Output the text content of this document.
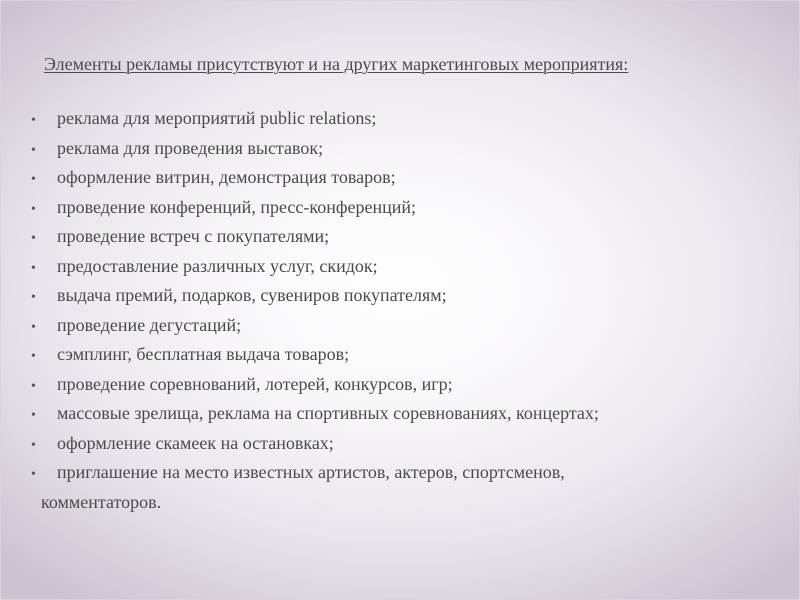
Элементы рекламы присутствуют и на других маркетинговых мероприятия:
•	реклама для мероприятий public relations;
•	реклама для проведения выставок;
•	оформление витрин, демонстрация товаров;
•	проведение конференций, пресс-конференций;
•	проведение встреч с покупателями;
•	предоставление различных услуг, скидок;
•	выдача премий, подарков, сувениров покупателям;
•	проведение дегустаций;
•	сэмплинг, бесплатная выдача товаров;
•	проведение соревнований, лотерей, конкурсов, игр;
•	массовые зрелища, реклама на спортивных соревнованиях, концертах;
•	оформление скамеек на остановках;
•	приглашение на место известных артистов, актеров, спортсменов,
комментаторов.
